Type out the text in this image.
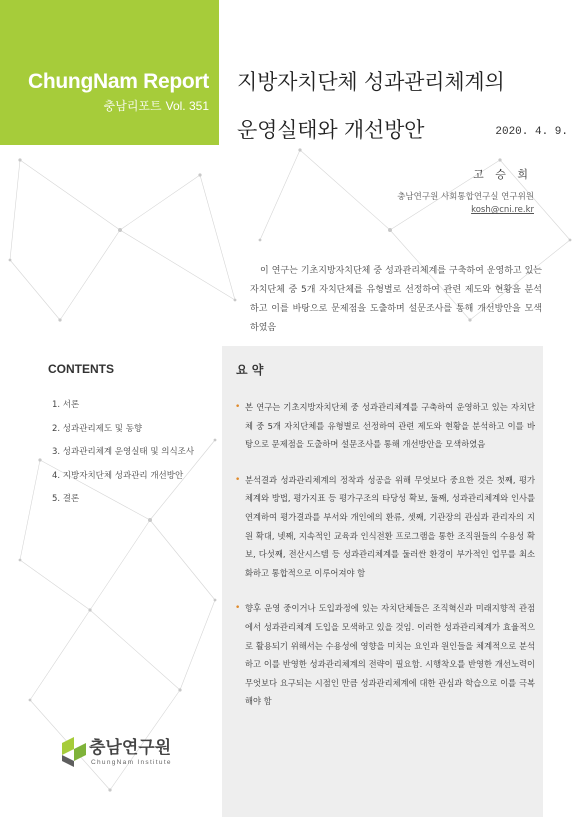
ChungNam Report
충남리포트 Vol. 351
2020. 4. 9.
지방자치단체 성과관리체계의
운영실태와 개선방안
고 승 희
충남연구원 사회통합연구실 연구위원
kosh@cni.re.kr

이 연구는 기초지방자치단체 중 성과관리체계를 구축하여 운영하고 있는 자치단체 중 5개 자치단체를 유형별로 선정하여 관련 제도와 현황을 분석하고 이를 바탕으로 문제점을 도출하며 설문조사를 통해 개선방안을 모색하였음

CONTENTS
1. 서론
2. 성과관리제도 및 동향
3. 성과관리체계 운영실태 및 의식조사
4. 지방자치단체 성과관리 개선방안
5. 결론
요 약
• 본 연구는 기초지방자치단체 중 성과관리체계를 구축하여 운영하고 있는 자치단체 중 5개 자치단체를 유형별로 선정하여 관련 제도와 현황을 분석하고 이를 바탕으로 문제점을 도출하며 설문조사를 통해 개선방안을 모색하였음
• 분석결과 성과관리체계의 정착과 성공을 위해 무엇보다 중요한 것은 첫째, 평가체계와 방법, 평가지표 등 평가구조의 타당성 확보, 둘째, 성과관리체계와 인사를 연계하여 평가결과를 부서와 개인에의 환류, 셋째, 기관장의 관심과 관리자의 지원 확대, 넷째, 지속적인 교육과 인식전환 프로그램을 통한 조직원들의 수용성 확보, 다섯째, 전산시스템 등 성과관리체계를 둘러싼 환경이 부가적인 업무를 최소화하고 통합적으로 이루어져야 함
• 향후 운영 중이거나 도입과정에 있는 자치단체들은 조직혁신과 미래지향적 관점에서 성과관리체계 도입을 모색하고 있을 것임. 이러한 성과관리체계가 효율적으로 활용되기 위해서는 수용성에 영향을 미치는 요인과 원인들을 체계적으로 분석하고 이를 반영한 성과관리체계의 전략이 필요함. 시행착오를 반영한 개선노력이 무엇보다 요구되는 시점인 만큼 성과관리체계에 대한 관심과 학습으로 이를 극복해야 함
충남연구원
ChungNam Institute
